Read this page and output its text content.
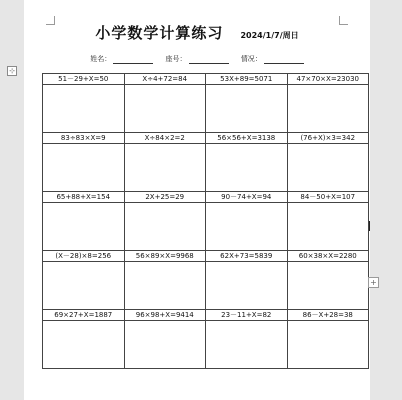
小学数学计算练习 2024/1/7/周日
姓名：	座号：	情况：
⊹
51－29+X=50	X÷4+72=84	53X+89=5071	47×70×X=23030

83÷83×X=9	X÷84×2=2	56×56+X=3138	(76+X)×3=342

65+88+X=154	2X+25=29	90－74+X=94	84－50+X=107

(X－28)×8=256	56×89×X=9968	62X+73=5839	60×38×X=2280

69×27+X=1887	96×98+X=9414	23－11+X=82	86－X+28=38
+
